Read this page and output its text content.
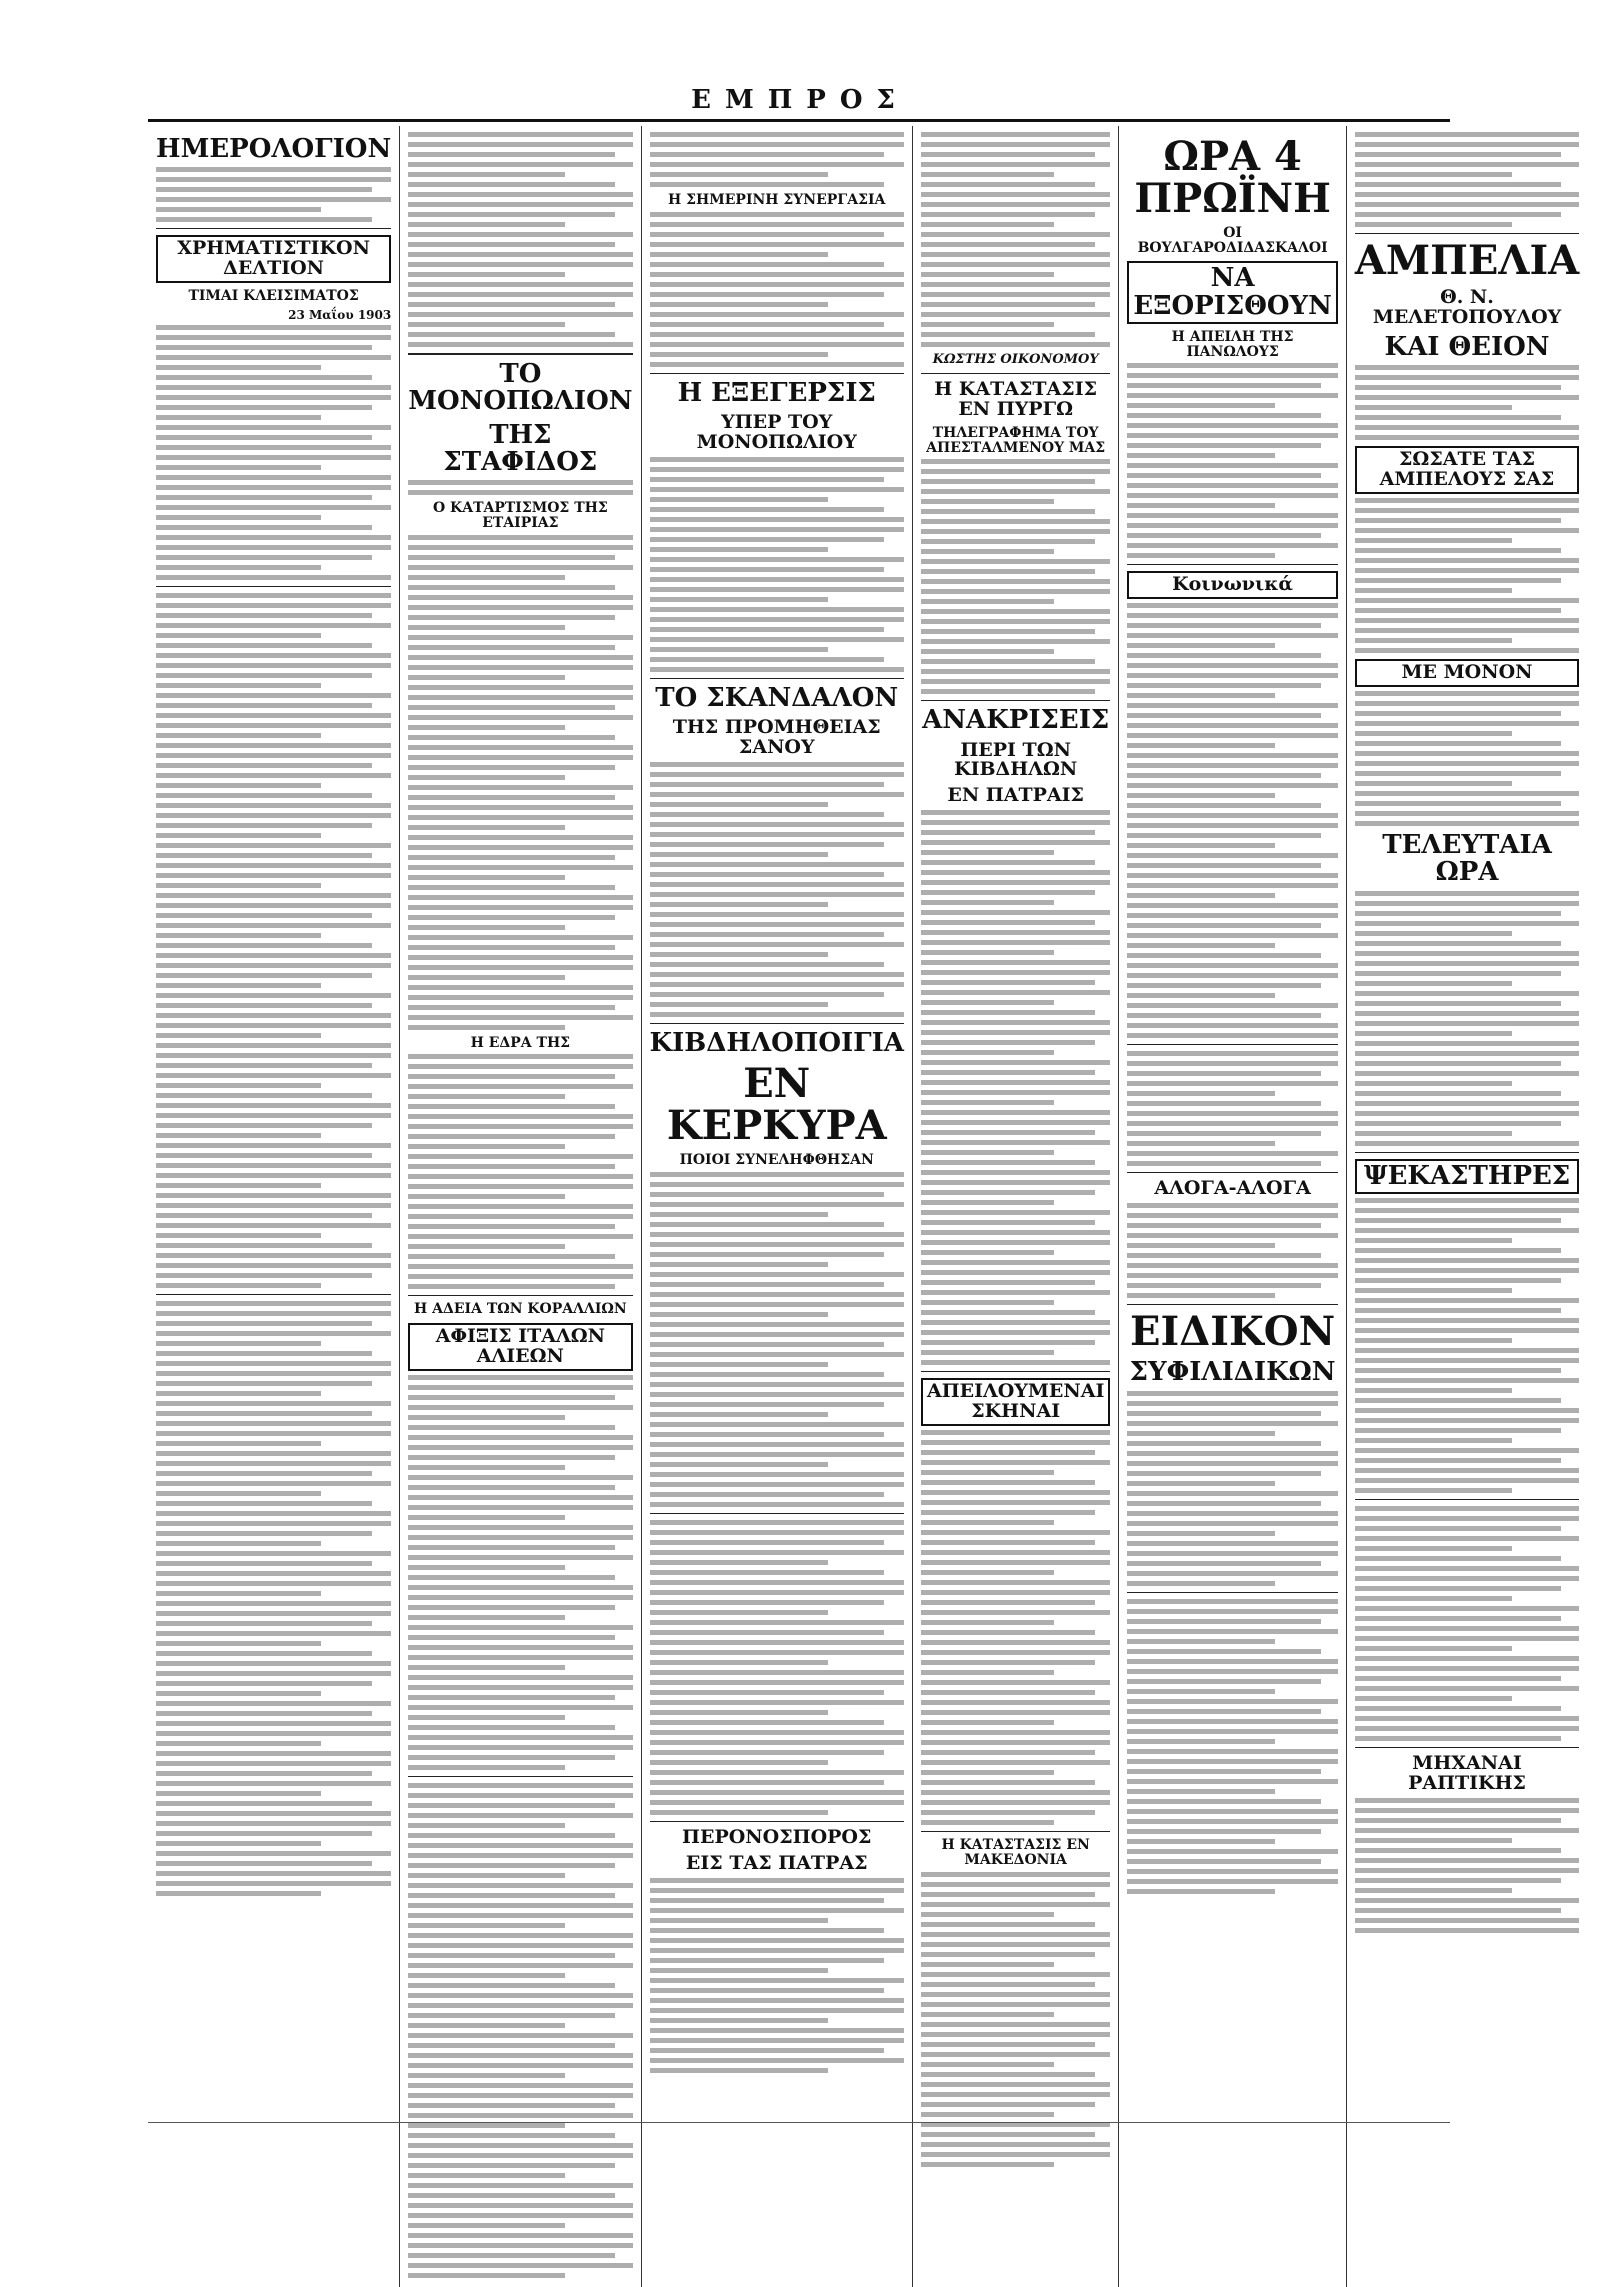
ΕΜΠΡΟΣ
ΗΜΕΡΟΛΟΓΙΟΝ
ΧΡΗΜΑΤΙΣΤΙΚΟΝ ΔΕΛΤΙΟΝ
ΤΙΜΑΙ ΚΛΕΙΣΙΜΑΤΟΣ
23 Μαΐου 1903
ΤΟ ΜΟΝΟΠΩΛΙΟΝ
ΤΗΣ ΣΤΑΦΙΔΟΣ
Ο ΚΑΤΑΡΤΙΣΜΟΣ ΤΗΣ ΕΤΑΙΡΙΑΣ
Η ΕΔΡΑ ΤΗΣ
Η ΑΔΕΙΑ ΤΩΝ ΚΟΡΑΛΛΙΩΝ
ΑΦΙΞΙΣ ΙΤΑΛΩΝ ΑΛΙΕΩΝ
Η ΣΗΜΕΡΙΝΗ ΣΥΝΕΡΓΑΣΙΑ
Η ΕΞΕΓΕΡΣΙΣ
ΥΠΕΡ ΤΟΥ ΜΟΝΟΠΩΛΙΟΥ
ΤΟ ΣΚΑΝΔΑΛΟΝ
ΤΗΣ ΠΡΟΜΗΘΕΙΑΣ ΣΑΝΟΥ
ΚΙΒΔΗΛΟΠΟΙΓΙΑ
ΕΝ ΚΕΡΚΥΡΑ
ΠΟΙΟΙ ΣΥΝΕΛΗΦΘΗΣΑΝ
ΠΕΡΟΝΟΣΠΟΡΟΣ
ΕΙΣ ΤΑΣ ΠΑΤΡΑΣ
ΚΩΣΤΗΣ ΟΙΚΟΝΟΜΟΥ
Η ΚΑΤΑΣΤΑΣΙΣ ΕΝ ΠΥΡΓΩ
ΤΗΛΕΓΡΑΦΗΜΑ ΤΟΥ ΑΠΕΣΤΑΛΜΕΝΟΥ ΜΑΣ
ΑΝΑΚΡΙΣΕΙΣ
ΠΕΡΙ ΤΩΝ ΚΙΒΔΗΛΩΝ
ΕΝ ΠΑΤΡΑΙΣ
ΑΠΕΙΛΟΥΜΕΝΑΙ ΣΚΗΝΑΙ
Η ΚΑΤΑΣΤΑΣΙΣ ΕΝ ΜΑΚΕΔΟΝΙΑ
ΩΡΑ 4 ΠΡΩΪΝΗ
ΟΙ ΒΟΥΛΓΑΡΟΔΙΔΑΣΚΑΛΟΙ
ΝΑ ΕΞΟΡΙΣΘΟΥΝ
Η ΑΠΕΙΛΗ ΤΗΣ ΠΑΝΩΛΟΥΣ
Κοινωνικά
ΑΛΟΓΑ-ΑΛΟΓΑ
ΕΙΔΙΚΟΝ
ΣΥΦΙΛΙΔΙΚΩΝ
ΑΜΠΕΛΙΑ
Θ. Ν. ΜΕΛΕΤΟΠΟΥΛΟΥ
ΚΑΙ ΘΕΙΟΝ
ΣΩΣΑΤΕ ΤΑΣ ΑΜΠΕΛΟΥΣ ΣΑΣ
ΜΕ ΜΟΝΟΝ
ΤΕΛΕΥΤΑΙΑ ΩΡΑ
ΨΕΚΑΣΤΗΡΕΣ
ΜΗΧΑΝΑΙ ΡΑΠΤΙΚΗΣ
